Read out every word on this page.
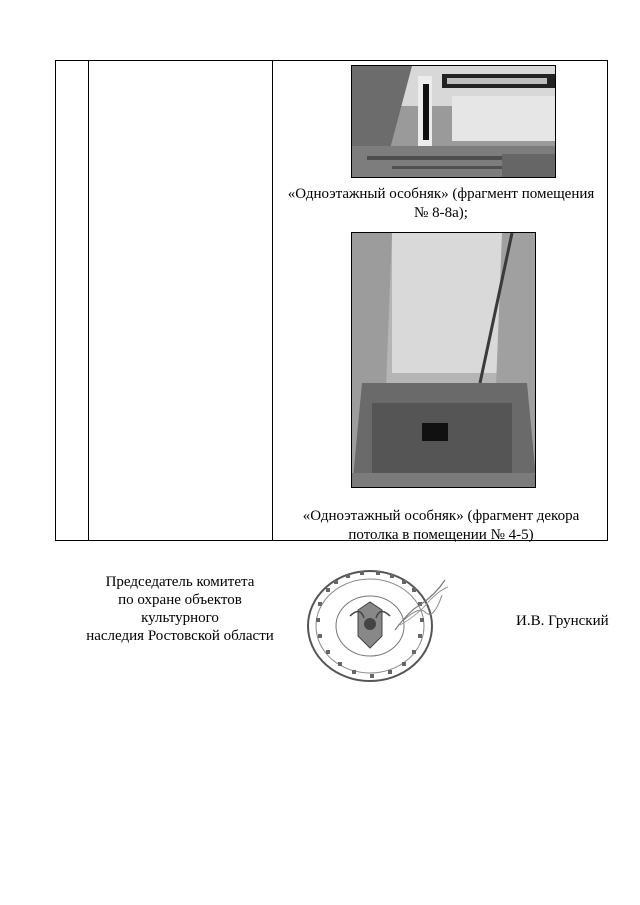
«Одноэтажный особняк» (фрагмент помещения
№ 8-8а);
«Одноэтажный особняк» (фрагмент декора
потолка в помещении № 4-5)
Председатель комитета
по охране объектов культурного
наследия Ростовской области
И.В. Грунский
